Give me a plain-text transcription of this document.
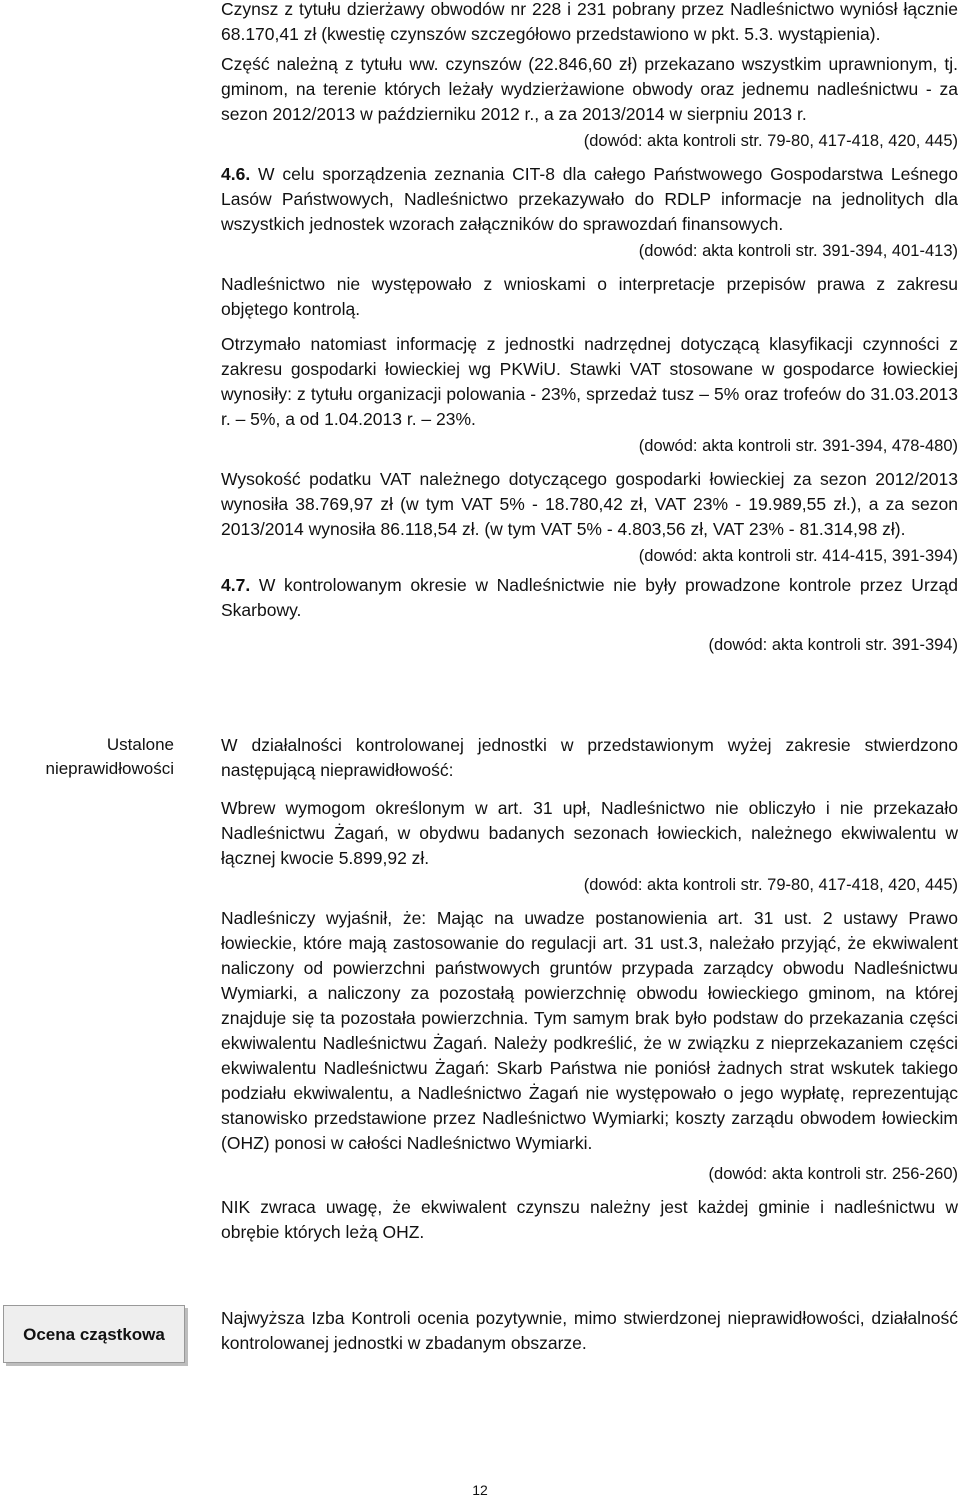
Czynsz z tytułu dzierżawy obwodów nr 228 i 231 pobrany przez Nadleśnictwo wyniósł łącznie 68.170,41 zł (kwestię czynszów szczegółowo przedstawiono w pkt. 5.3. wystąpienia).

Część należną z tytułu ww. czynszów (22.846,60 zł) przekazano wszystkim uprawnionym, tj. gminom, na terenie których leżały wydzierżawione obwody oraz jednemu nadleśnictwu - za sezon 2012/2013 w październiku 2012 r., a za 2013/2014 w sierpniu 2013 r.

(dowód: akta kontroli str. 79-80, 417-418, 420, 445)

4.6. W celu sporządzenia zeznania CIT-8 dla całego Państwowego Gospodarstwa Leśnego Lasów Państwowych, Nadleśnictwo przekazywało do RDLP informacje na jednolitych dla wszystkich jednostek wzorach załączników do sprawozdań finansowych.

(dowód: akta kontroli str. 391-394, 401-413)

Nadleśnictwo nie występowało z wnioskami o interpretacje przepisów prawa z zakresu objętego kontrolą.

Otrzymało natomiast informację z jednostki nadrzędnej dotyczącą klasyfikacji czynności z zakresu gospodarki łowieckiej wg PKWiU. Stawki VAT stosowane w gospodarce łowieckiej wynosiły: z tytułu organizacji polowania - 23%, sprzedaż tusz – 5% oraz trofeów do 31.03.2013 r. – 5%, a od 1.04.2013 r. – 23%.

(dowód: akta kontroli str. 391-394, 478-480)

Wysokość podatku VAT należnego dotyczącego gospodarki łowieckiej za sezon 2012/2013 wynosiła 38.769,97 zł (w tym VAT 5% - 18.780,42 zł, VAT 23% - 19.989,55 zł.), a za sezon 2013/2014 wynosiła 86.118,54 zł. (w tym VAT 5% - 4.803,56 zł, VAT 23% - 81.314,98 zł).

(dowód: akta kontroli str. 414-415, 391-394)

4.7. W kontrolowanym okresie w Nadleśnictwie nie były prowadzone kontrole przez Urząd Skarbowy.

(dowód: akta kontroli str. 391-394)

Ustalone nieprawidłowości

W działalności kontrolowanej jednostki w przedstawionym wyżej zakresie stwierdzono następującą nieprawidłowość:

Wbrew wymogom określonym w art. 31 upł, Nadleśnictwo nie obliczyło i nie przekazało Nadleśnictwu Żagań, w obydwu badanych sezonach łowieckich, należnego ekwiwalentu w łącznej kwocie 5.899,92 zł.

(dowód: akta kontroli str. 79-80, 417-418, 420, 445)

Nadleśniczy wyjaśnił, że: Mając na uwadze postanowienia art. 31 ust. 2 ustawy Prawo łowieckie, które mają zastosowanie do regulacji art. 31 ust.3, należało przyjąć, że ekwiwalent naliczony od powierzchni państwowych gruntów przypada zarządcy obwodu Nadleśnictwu Wymiarki, a naliczony za pozostałą powierzchnię obwodu łowieckiego gminom, na której znajduje się ta pozostała powierzchnia. Tym samym brak było podstaw do przekazania części ekwiwalentu Nadleśnictwu Żagań. Należy podkreślić, że w związku z nieprzekazaniem części ekwiwalentu Nadleśnictwu Żagań: Skarb Państwa nie poniósł żadnych strat wskutek takiego podziału ekwiwalentu, a Nadleśnictwo Żagań nie występowało o jego wypłatę, reprezentując stanowisko przedstawione przez Nadleśnictwo Wymiarki; koszty zarządu obwodem łowieckim (OHZ) ponosi w całości Nadleśnictwo Wymiarki.

(dowód: akta kontroli str. 256-260)

NIK zwraca uwagę, że ekwiwalent czynszu należny jest każdej gminie i nadleśnictwu w obrębie których leżą OHZ.

Ocena cząstkowa

Najwyższa Izba Kontroli ocenia pozytywnie, mimo stwierdzonej nieprawidłowości, działalność kontrolowanej jednostki w zbadanym obszarze.

12
